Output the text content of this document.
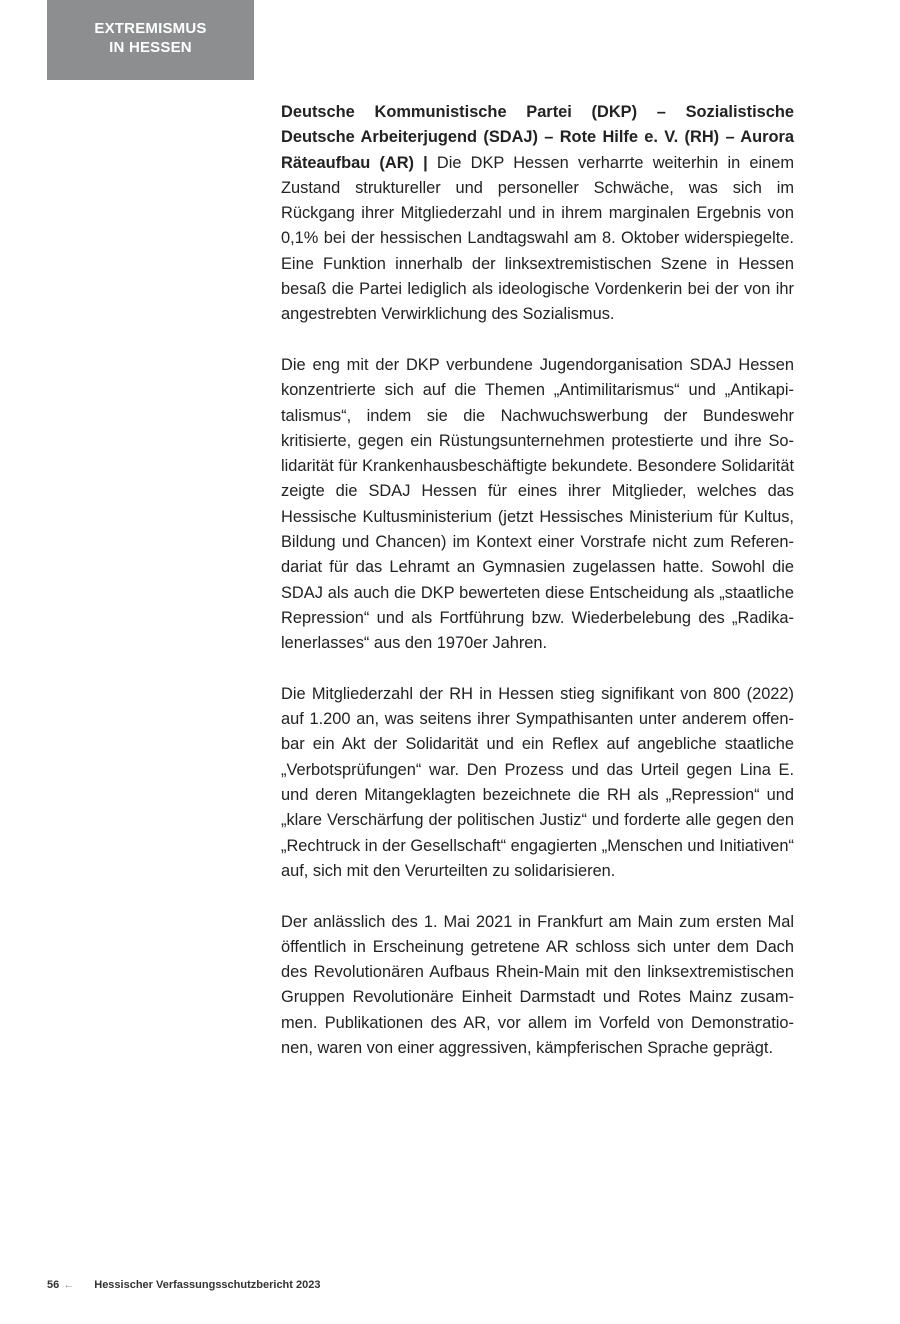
EXTREMISMUS
IN HESSEN

Deutsche Kommunistische Partei (DKP) – Sozialistische Deutsche Arbeiterjugend (SDAJ) – Rote Hilfe e. V. (RH) – Aurora Räteaufbau (AR) | Die DKP Hessen verharrte weiterhin in einem Zustand struktureller und personeller Schwäche, was sich im Rückgang ihrer Mitgliederzahl und in ihrem marginalen Ergebnis von 0,1% bei der hessischen Landtagswahl am 8. Oktober widerspiegelte. Eine Funktion innerhalb der linksextremistischen Szene in Hessen besaß die Partei lediglich als ideologische Vordenkerin bei der von ihr angestrebten Verwirklichung des Sozialismus.

Die eng mit der DKP verbundene Jugendorganisation SDAJ Hessen konzentrierte sich auf die Themen „Antimilitarismus“ und „Antikapitalismus“, indem sie die Nachwuchswerbung der Bundeswehr kritisierte, gegen ein Rüstungsunternehmen protestierte und ihre Solidarität für Krankenhausbeschäftigte bekundete. Besondere Solidarität zeigte die SDAJ Hessen für eines ihrer Mitglieder, welches das Hessische Kultusministerium (jetzt Hessisches Ministerium für Kultus, Bildung und Chancen) im Kontext einer Vorstrafe nicht zum Referendariat für das Lehramt an Gymnasien zugelassen hatte. Sowohl die SDAJ als auch die DKP bewerteten diese Entscheidung als „staatliche Repression“ und als Fortführung bzw. Wiederbelebung des „Radikalenerlasses“ aus den 1970er Jahren.

Die Mitgliederzahl der RH in Hessen stieg signifikant von 800 (2022) auf 1.200 an, was seitens ihrer Sympathisanten unter anderem offenbar ein Akt der Solidarität und ein Reflex auf angebliche staatliche „Verbotsprüfungen“ war. Den Prozess und das Urteil gegen Lina E. und deren Mitangeklagten bezeichnete die RH als „Repression“ und „klare Verschärfung der politischen Justiz“ und forderte alle gegen den „Rechtruck in der Gesellschaft“ engagierten „Menschen und Initiativen“ auf, sich mit den Verurteilten zu solidarisieren.

Der anlässlich des 1. Mai 2021 in Frankfurt am Main zum ersten Mal öffentlich in Erscheinung getretene AR schloss sich unter dem Dach des Revolutionären Aufbaus Rhein-Main mit den linksextremistischen Gruppen Revolutionäre Einheit Darmstadt und Rotes Mainz zusammen. Publikationen des AR, vor allem im Vorfeld von Demonstrationen, waren von einer aggressiven, kämpferischen Sprache geprägt.

56 ← Hessischer Verfassungsschutzbericht 2023
